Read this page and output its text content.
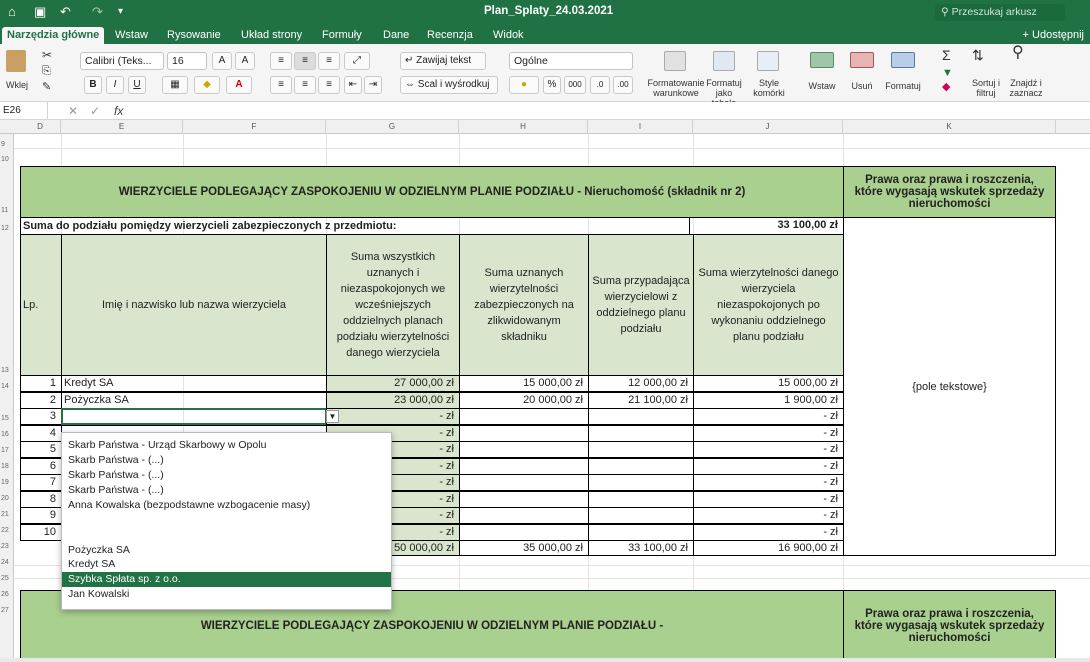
⌂ ▣ ↶ ↷ ▾	Plan_Splaty_24.03.2021	⚲ Przeszukaj arkusz
Narzędzia główne	Wstaw	Rysowanie	Układ strony	Formuły	Dane	Recenzja	Widok	+ Udostępnij
Wklej
✂
⎘
✎
Calibri (Teks...	16	A	A
B	I	U	▦	◆	A
≡	≡	≡	⤢
≡	≡	≡	⇤	⇥
↵ Zawijaj tekst
⇔ Scal i wyśrodkuj
Ogólne
●	%	000	.0	.00	Formatowanie warunkowe
Formatuj jako
Style komórki
Wstaw	Usuń	Formatuj
Σ
▼
◆
⇅
Sortuj i filtruj
⚲
Znajdź i zaznacz
E26	✕ ✓ fx
D	E	F	G	H	I	J	K
9
10
11
12
13
14
15
16
17
18
19
20
21
22
23
24
25
26
27
WIERZYCIELE PODLEGAJĄCY ZASPOKOJENIU W ODZIELNYM PLANIE PODZIAŁU - Nieruchomość (składnik nr 2)
Prawa oraz prawa i roszczenia, które wygasają wskutek sprzedaży nieruchomości
Suma do podziału pomiędzy wierzycieli zabezpieczonych z przedmiotu:	33 100,00 zł
{pole tekstowe}
Lp.	Imię i nazwisko lub nazwa wierzyciela
Suma wszystkich uznanych i niezaspokojonych we wcześniejszych oddzielnych planach podziału wierzytelności danego wierzyciela
Suma uznanych wierzytelności zabezpieczonych na zlikwidowanym składniku
Suma przypadająca wierzycielowi z oddzielnego planu podziału
Suma wierzytelności danego wierzyciela niezaspokojonych po wykonaniu oddzielnego planu podziału
1 Kredyt SA	27 000,00 zł	15 000,00 zł	12 000,00 zł	15 000,00 zł
2 Pożyczka SA	23 000,00 zł	20 000,00 zł	21 100,00 zł	1 900,00 zł
3	- zł	- zł
4	- zł	- zł
5	- zł	- zł
6	- zł	- zł
7	- zł	- zł
8	- zł	- zł
9	- zł	- zł
10	- zł	- zł
50 000,00 zł	35 000,00 zł	33 100,00 zł	16 900,00 zł
WIERZYCIELE PODLEGAJĄCY ZASPOKOJENIU W ODZIELNYM PLANIE PODZIAŁU -
Prawa oraz prawa i roszczenia, które wygasają wskutek sprzedaży nieruchomości
▼
Skarb Państwa - Urząd Skarbowy w Opolu
Skarb Państwa - (...)
Skarb Państwa - (...)
Skarb Państwa - (...)
Anna Kowalska (bezpodstawne wzbogacenie masy)
Pożyczka SA
Kredyt SA
Szybka Spłata sp. z o.o.
Jan Kowalski
